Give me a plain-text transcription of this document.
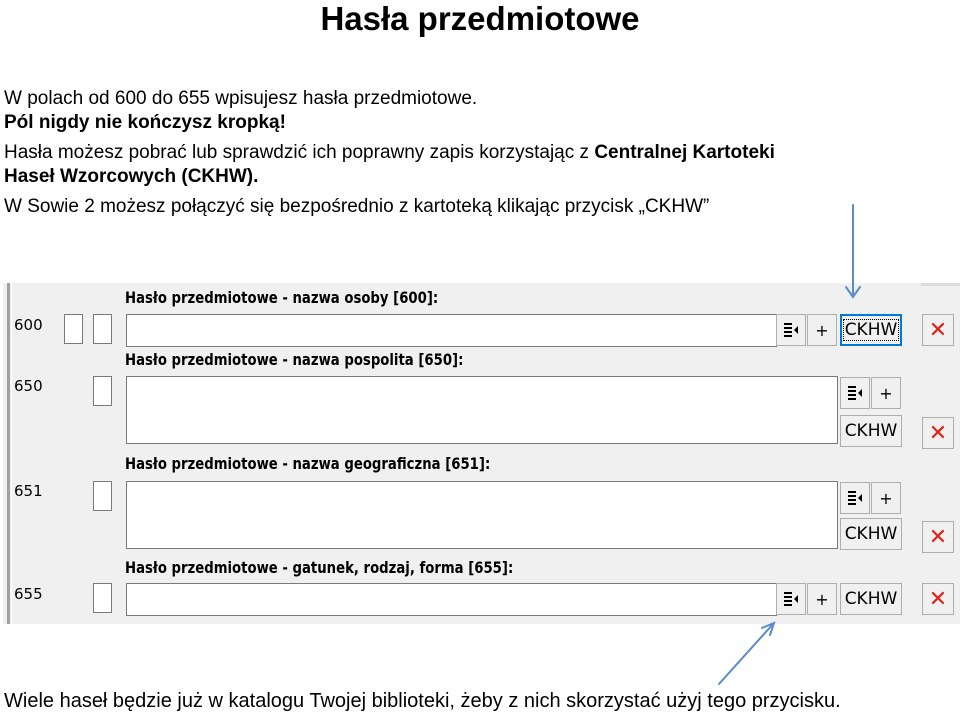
Hasła przedmiotowe
W polach od 600 do 655 wpisujesz hasła przedmiotowe.
Pól nigdy nie kończysz kropką!
Hasła możesz pobrać lub sprawdzić ich poprawny zapis korzystając z Centralnej Kartoteki
Haseł Wzorcowych (CKHW).
W Sowie 2 możesz połączyć się bezpośrednio z kartoteką klikając przycisk „CKHW”
Hasło przedmiotowe - nazwa osoby [600]:
600	+ CKHW ✕
Hasło przedmiotowe - nazwa pospolita [650]:
650	+
CKHW ✕
Hasło przedmiotowe - nazwa geograficzna [651]:
651	+
CKHW ✕
Hasło przedmiotowe - gatunek, rodzaj, forma [655]:
655	+ CKHW ✕
Wiele haseł będzie już w katalogu Twojej biblioteki, żeby z nich skorzystać użyj tego przycisku.
